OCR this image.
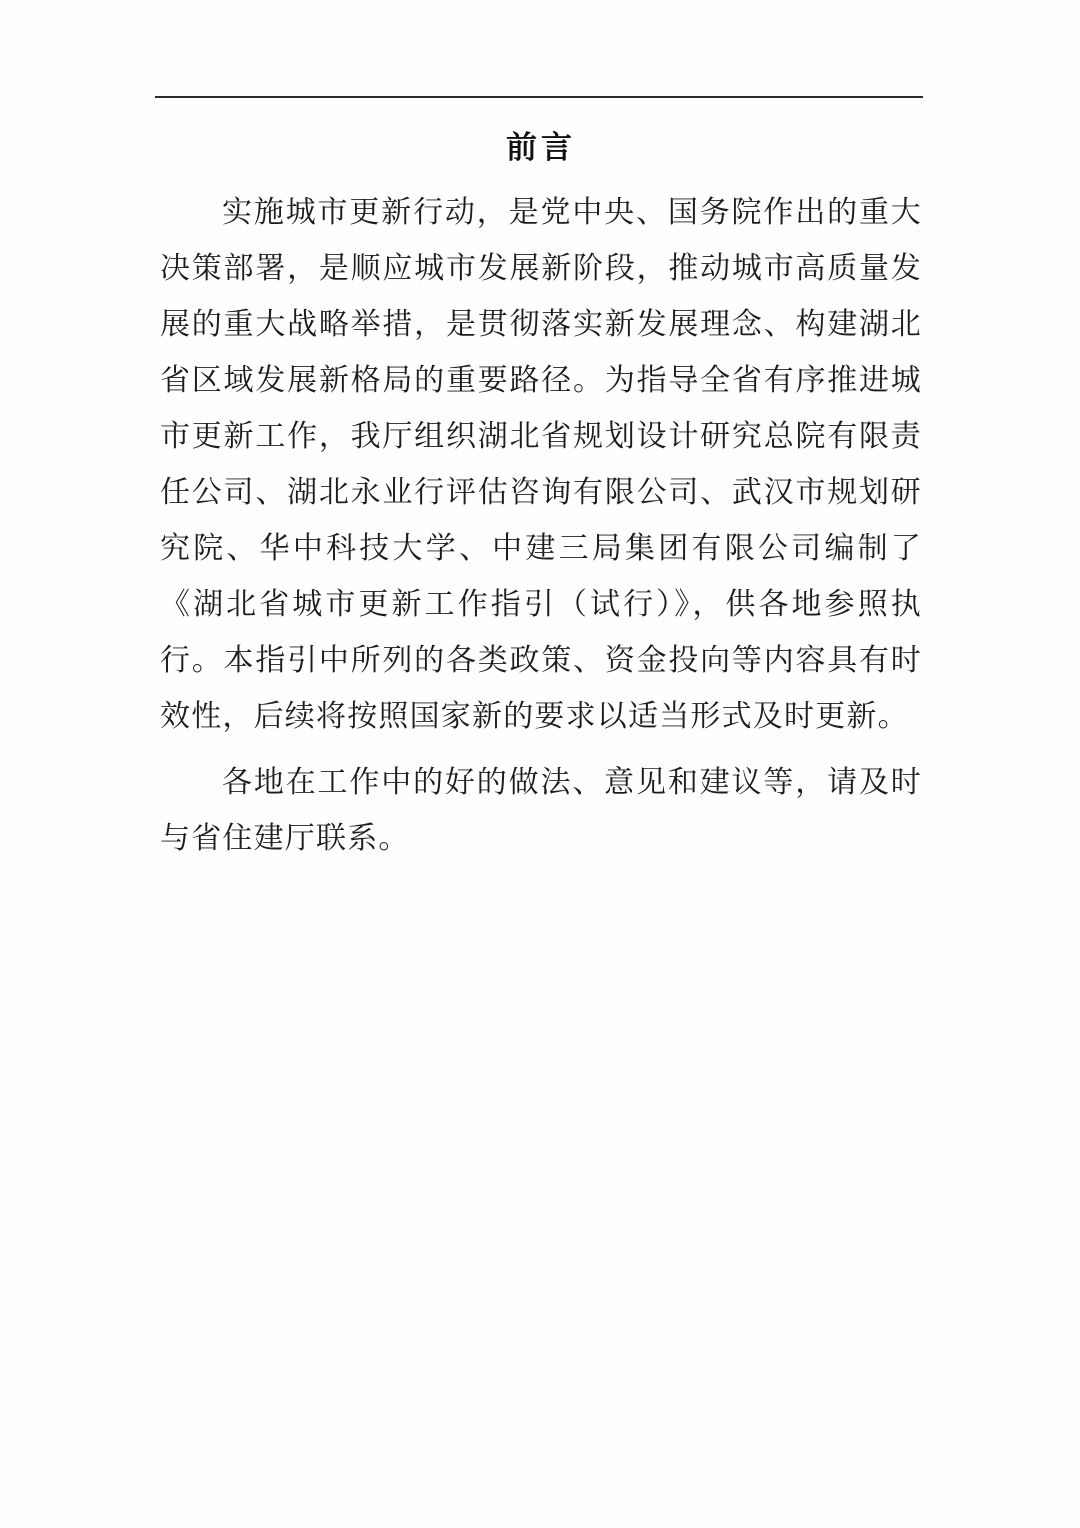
前言

实施城市更新行动，是党中央、国务院作出的重大决策部署，是顺应城市发展新阶段，推动城市高质量发展的重大战略举措，是贯彻落实新发展理念、构建湖北省区域发展新格局的重要路径。为指导全省有序推进城市更新工作，我厅组织湖北省规划设计研究总院有限责任公司、湖北永业行评估咨询有限公司、武汉市规划研究院、华中科技大学、中建三局集团有限公司编制了《湖北省城市更新工作指引（试行）》，供各地参照执行。本指引中所列的各类政策、资金投向等内容具有时效性，后续将按照国家新的要求以适当形式及时更新。

各地在工作中的好的做法、意见和建议等，请及时与省住建厅联系。
